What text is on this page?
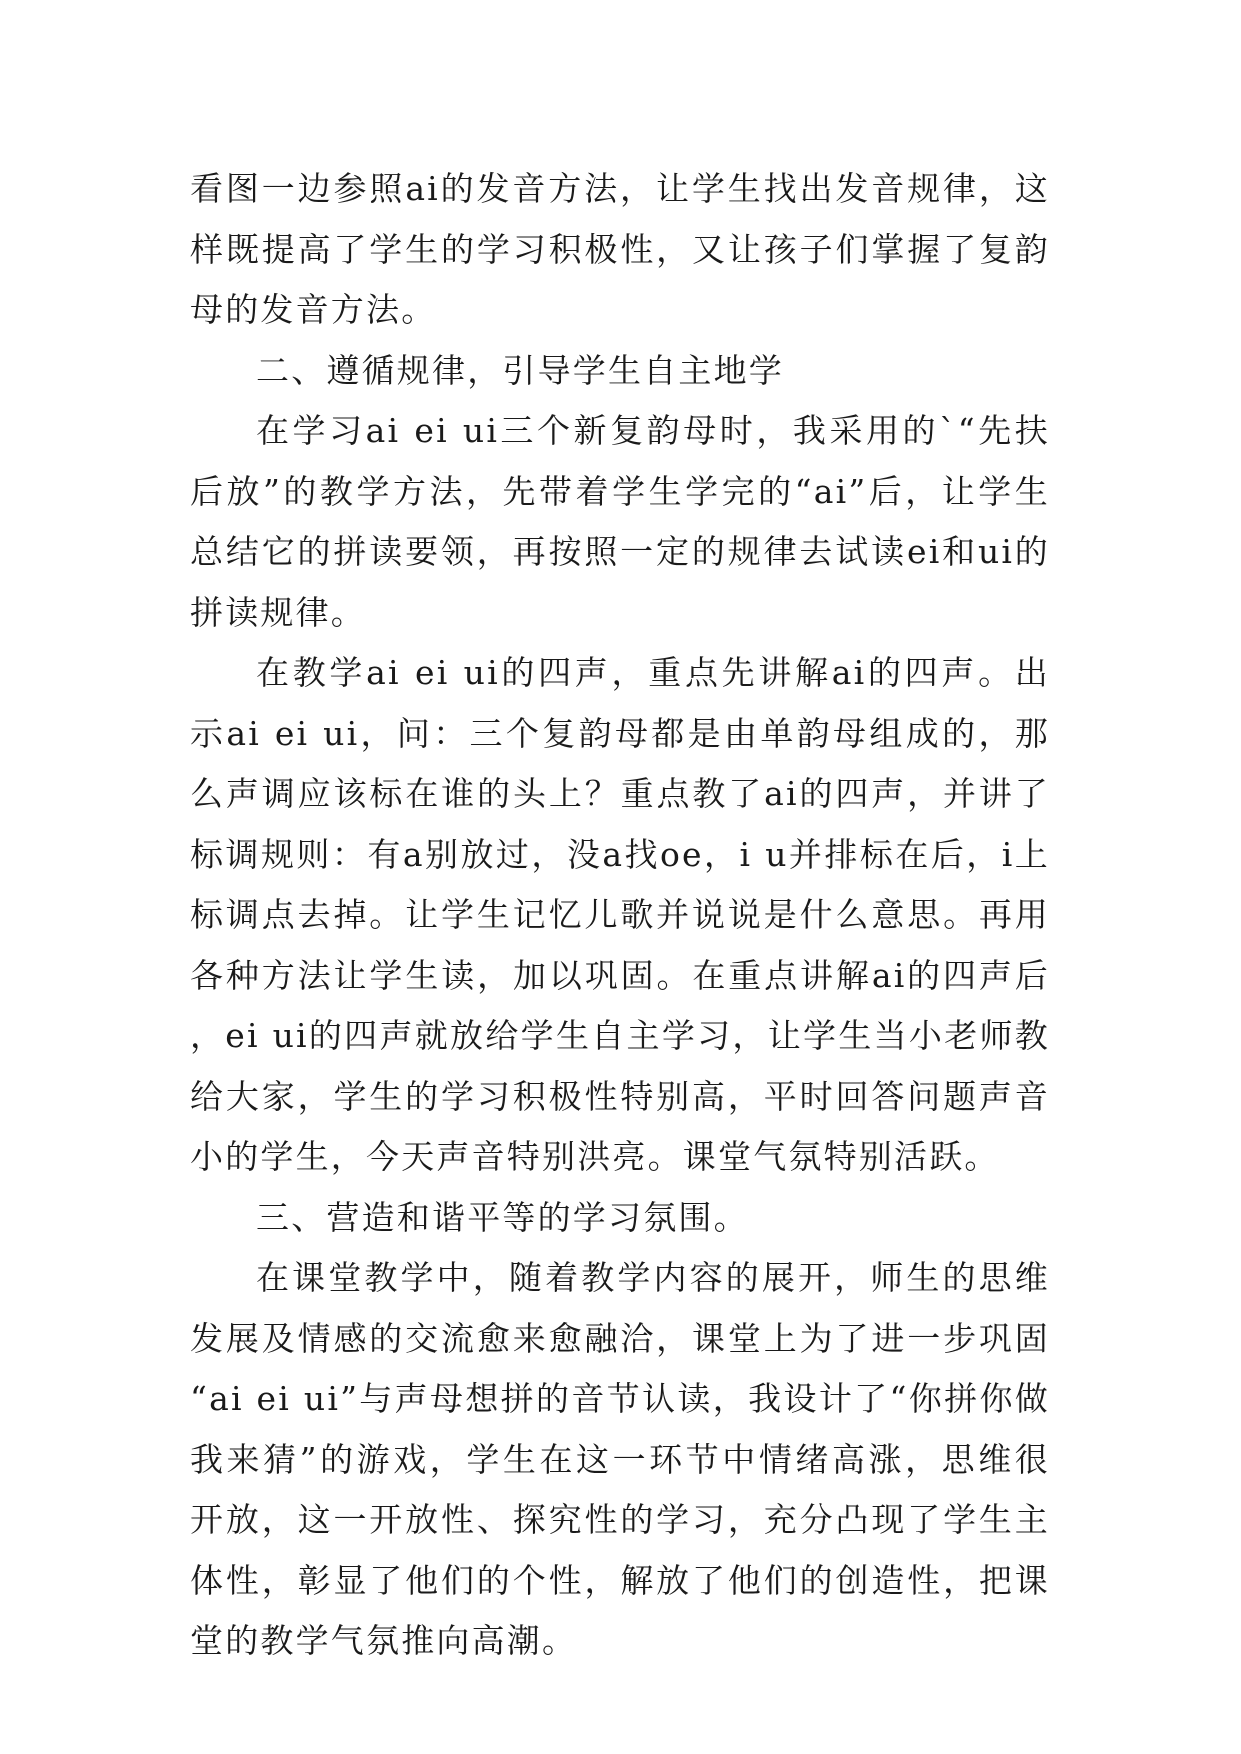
看图一边参照ai的发音方法，让学生找出发音规律，这样既提高了学生的学习积极性，又让孩子们掌握了复韵母的发音方法。

二、遵循规律，引导学生自主地学

在学习ai ei ui三个新复韵母时，我采用的`“先扶后放”的教学方法，先带着学生学完的“ai”后，让学生总结它的拼读要领，再按照一定的规律去试读ei和ui的拼读规律。

在教学ai ei ui的四声，重点先讲解ai的四声。出示ai ei ui，问：三个复韵母都是由单韵母组成的，那么声调应该标在谁的头上？重点教了ai的四声，并讲了标调规则：有a别放过，没a找oe，i u并排标在后，i上标调点去掉。让学生记忆儿歌并说说是什么意思。再用各种方法让学生读，加以巩固。在重点讲解ai的四声后，ei ui的四声就放给学生自主学习，让学生当小老师教给大家，学生的学习积极性特别高，平时回答问题声音小的学生，今天声音特别洪亮。课堂气氛特别活跃。

三、营造和谐平等的学习氛围。

在课堂教学中，随着教学内容的展开，师生的思维发展及情感的交流愈来愈融洽，课堂上为了进一步巩固“ai ei ui”与声母想拼的音节认读，我设计了“你拼你做我来猜”的游戏，学生在这一环节中情绪高涨，思维很开放，这一开放性、探究性的学习，充分凸现了学生主体性，彰显了他们的个性，解放了他们的创造性，把课堂的教学气氛推向高潮。
